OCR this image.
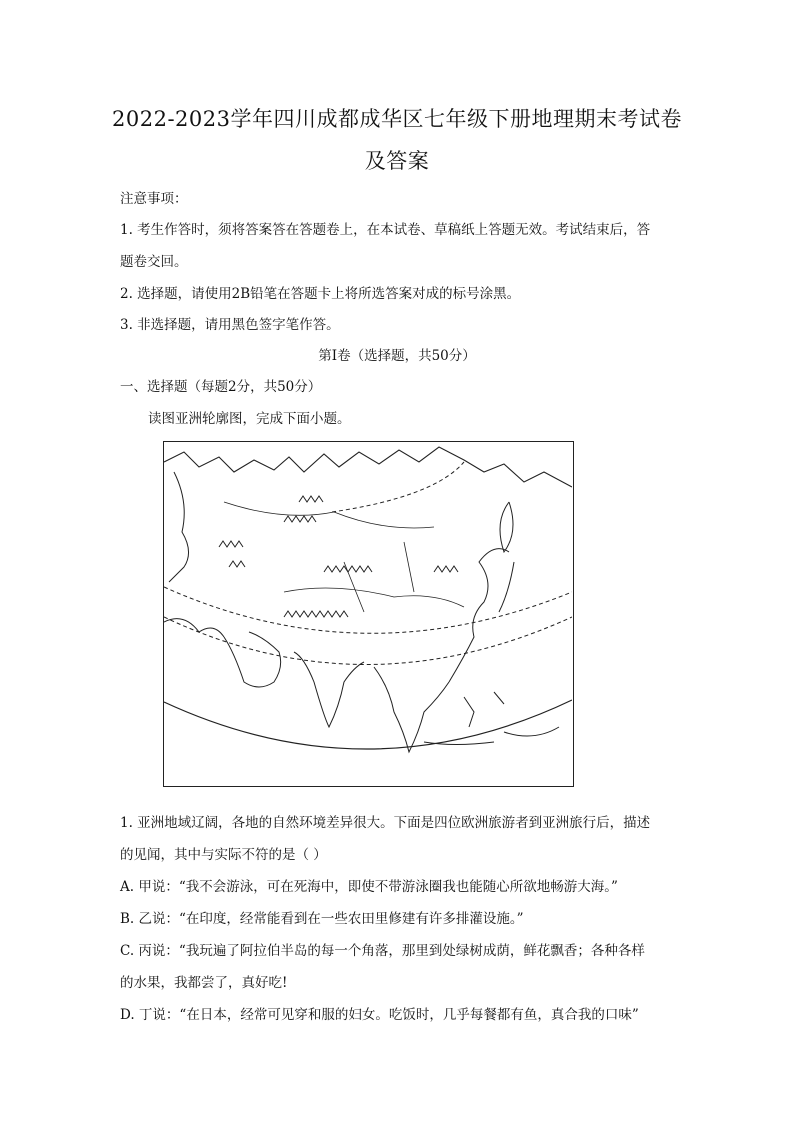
2022-2023学年四川成都成华区七年级下册地理期末考试卷
及答案
注意事项：
1. 考生作答时，须将答案答在答题卷上，在本试卷、草稿纸上答题无效。考试结束后，答
题卷交回。
2. 选择题，请使用2B铅笔在答题卡上将所选答案对成的标号涂黑。
3. 非选择题，请用黑色签字笔作答。
第I卷（选择题，共50分）
一、选择题（每题2分，共50分）
读图亚洲轮廓图，完成下面小题。
1. 亚洲地域辽阔，各地的自然环境差异很大。下面是四位欧洲旅游者到亚洲旅行后，描述
的见闻，其中与实际不符的是（ ）
A. 甲说：“我不会游泳，可在死海中，即使不带游泳圈我也能随心所欲地畅游大海。”
B. 乙说：“在印度，经常能看到在一些农田里修建有许多排灌设施。”
C. 丙说：“我玩遍了阿拉伯半岛的每一个角落，那里到处绿树成荫，鲜花飘香；各种各样
的水果，我都尝了，真好吃!
D. 丁说：“在日本，经常可见穿和服的妇女。吃饭时，几乎每餐都有鱼，真合我的口味”
